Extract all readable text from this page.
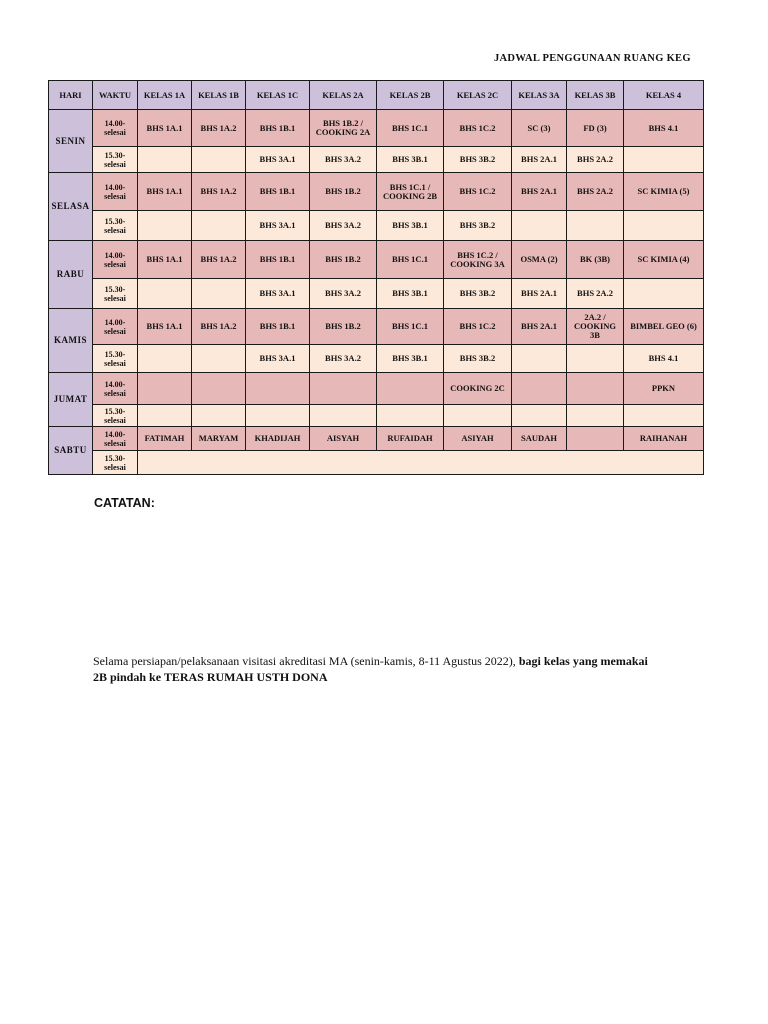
JADWAL PENGGUNAAN RUANG KEG
HARI	WAKTU	KELAS 1A	KELAS 1B	KELAS 1C	KELAS 2A	KELAS 2B	KELAS 2C	KELAS 3A	KELAS 3B	KELAS 4
SENIN	14.00-selesai	BHS 1A.1	BHS 1A.2	BHS 1B.1	BHS 1B.2 / COOKING 2A	BHS 1C.1	BHS 1C.2	SC (3)	FD (3)	BHS 4.1
	15.30-selesai			BHS 3A.1	BHS 3A.2	BHS 3B.1	BHS 3B.2	BHS 2A.1	BHS 2A.2	
SELASA	14.00-selesai	BHS 1A.1	BHS 1A.2	BHS 1B.1	BHS 1B.2	BHS 1C.1 / COOKING 2B	BHS 1C.2	BHS 2A.1	BHS 2A.2	SC KIMIA (5)
	15.30-selesai			BHS 3A.1	BHS 3A.2	BHS 3B.1	BHS 3B.2			
RABU	14.00-selesai	BHS 1A.1	BHS 1A.2	BHS 1B.1	BHS 1B.2	BHS 1C.1	BHS 1C.2 / COOKING 3A	OSMA (2)	BK (3B)	SC KIMIA (4)
	15.30-selesai			BHS 3A.1	BHS 3A.2	BHS 3B.1	BHS 3B.2	BHS 2A.1	BHS 2A.2	
KAMIS	14.00-selesai	BHS 1A.1	BHS 1A.2	BHS 1B.1	BHS 1B.2	BHS 1C.1	BHS 1C.2	BHS 2A.1	2A.2 / COOKING 3B	BIMBEL GEO (6)
	15.30-selesai			BHS 3A.1	BHS 3A.2	BHS 3B.1	BHS 3B.2			BHS 4.1
JUMAT	14.00-selesai						COOKING 2C			PPKN
	15.30-selesai									
SABTU	14.00-selesai	FATIMAH	MARYAM	KHADIJAH	AISYAH	RUFAIDAH	ASIYAH	SAUDAH		RAIHANAH
	15.30-selesai									
CATATAN:
Selama persiapan/pelaksanaan visitasi akreditasi MA (senin-kamis, 8-11 Agustus 2022), bagi kelas yang memakai
2B pindah ke TERAS RUMAH USTH DONA
